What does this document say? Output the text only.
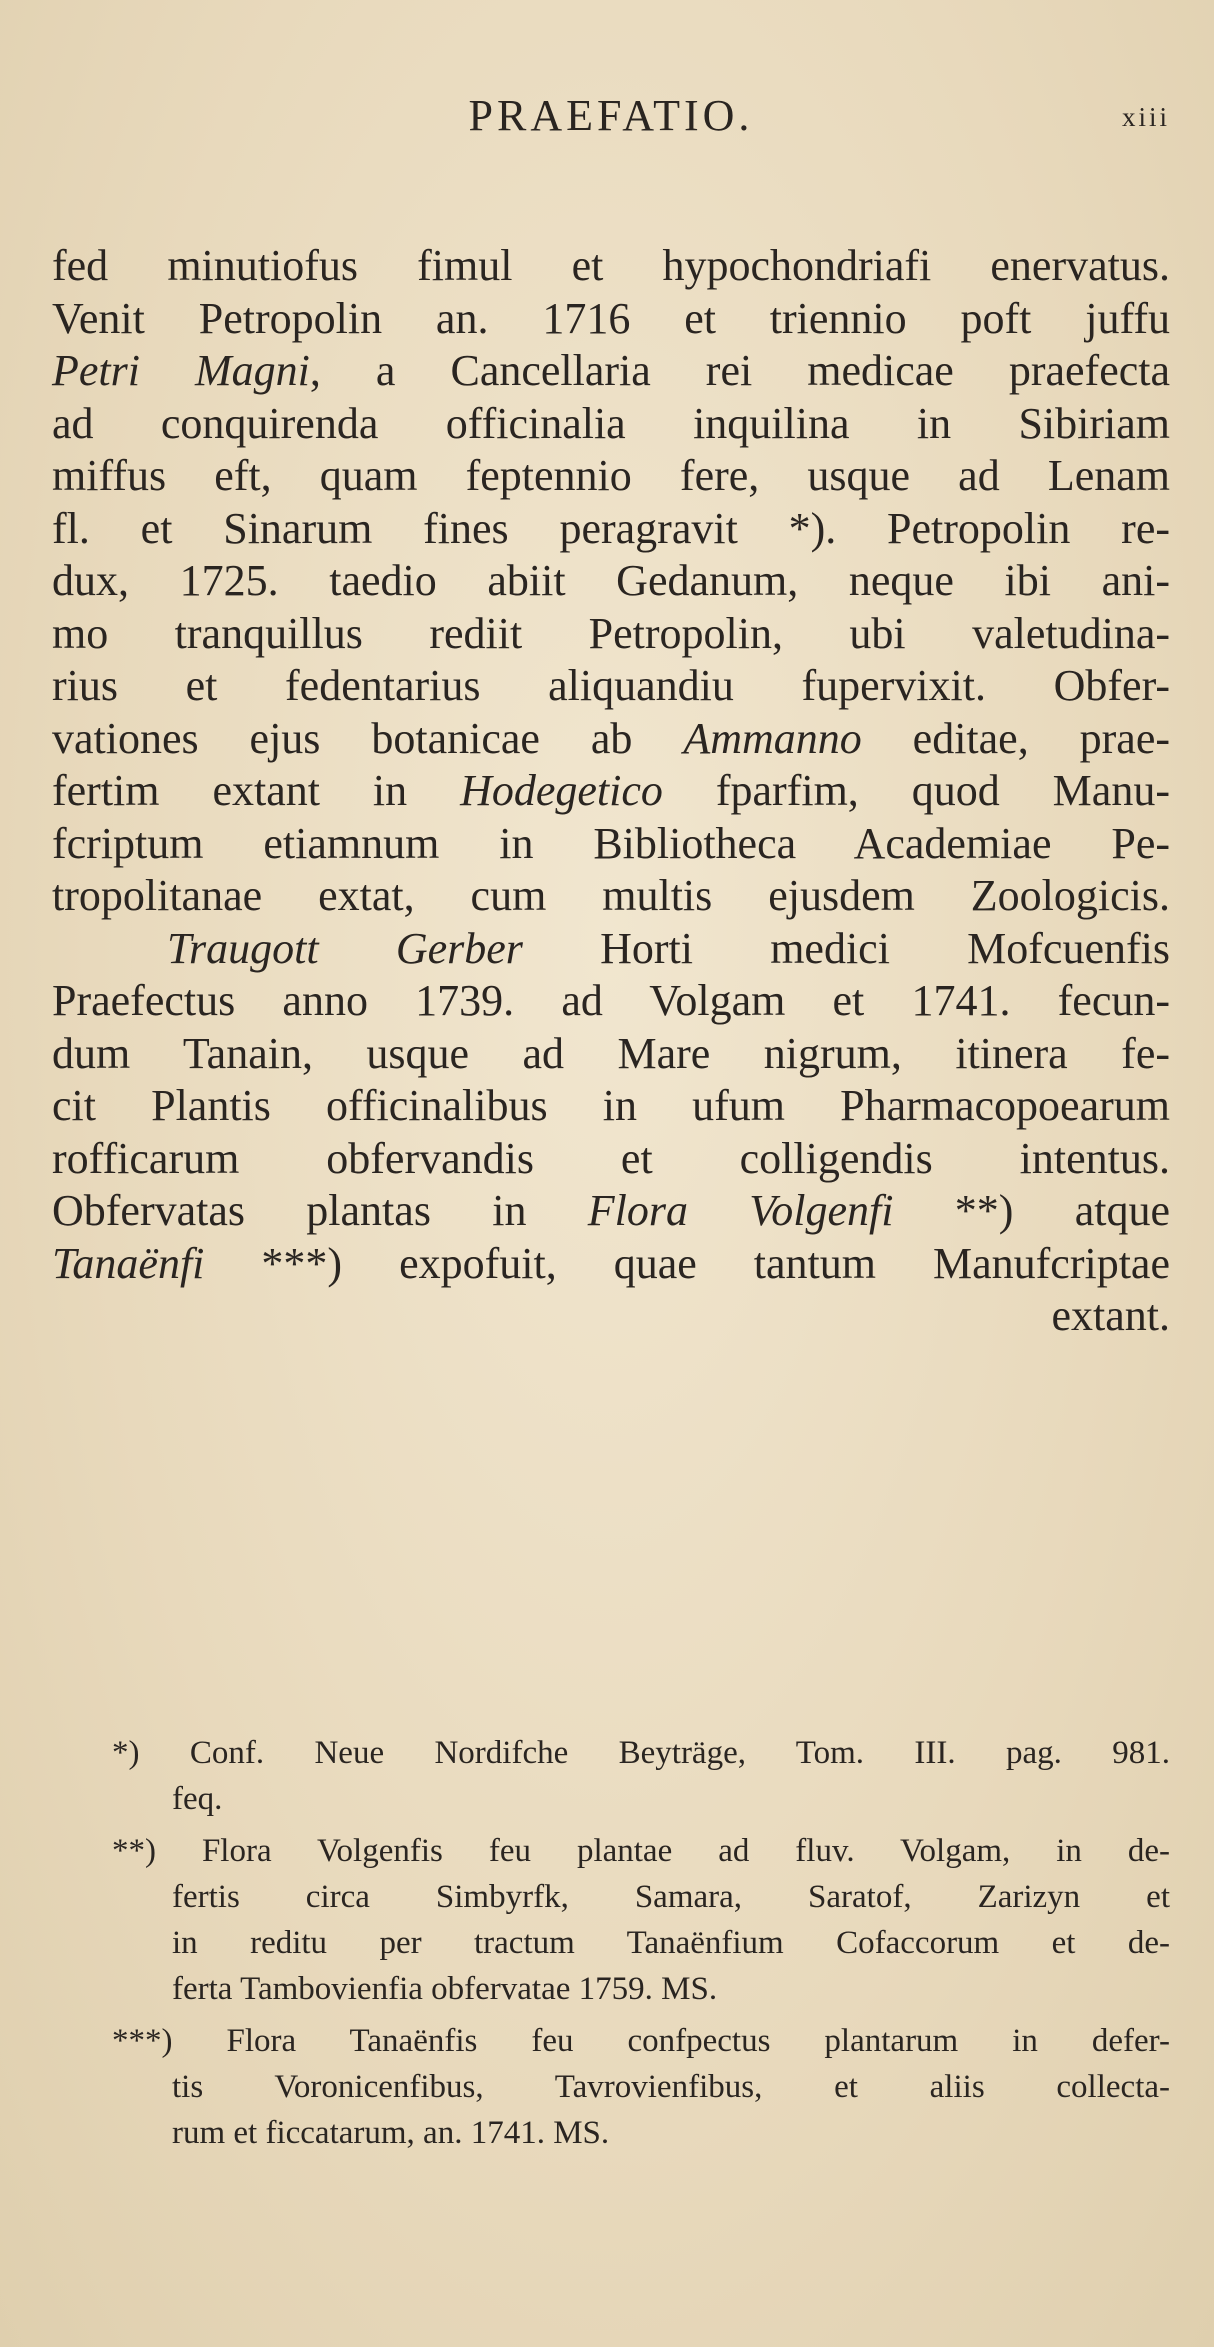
PRAEFATIO.	xiii
fed minutiofus fimul et hypochondriafi enervatus.
Venit Petropolin an. 1716 et triennio poft juffu
Petri Magni, a Cancellaria rei medicae praefecta
ad conquirenda officinalia inquilina in Sibiriam
miffus eft, quam feptennio fere, usque ad Lenam
fl. et Sinarum fines peragravit *). Petropolin re-
dux, 1725. taedio abiit Gedanum, neque ibi ani-
mo tranquillus rediit Petropolin, ubi valetudina-
rius et fedentarius aliquandiu fupervixit. Obfer-
vationes ejus botanicae ab Ammanno editae, prae-
fertim extant in Hodegetico fparfim, quod Manu-
fcriptum etiamnum in Bibliotheca Academiae Pe-
tropolitanae extat, cum multis ejusdem Zoologicis.
Traugott Gerber Horti medici Mofcuenfis
Praefectus anno 1739. ad Volgam et 1741. fecun-
dum Tanain, usque ad Mare nigrum, itinera fe-
cit Plantis officinalibus in ufum Pharmacopoearum
rofficarum obfervandis et colligendis intentus.
Obfervatas plantas in Flora Volgenfi **) atque
Tanaënfi ***) expofuit, quae tantum Manufcriptae
extant.
*) Conf. Neue Nordifche Beyträge, Tom. III. pag. 981.
feq.
**) Flora Volgenfis feu plantae ad fluv. Volgam, in de-
fertis circa Simbyrfk, Samara, Saratof, Zarizyn et
in reditu per tractum Tanaënfium Cofaccorum et de-
ferta Tambovienfia obfervatae 1759. MS.
***) Flora Tanaënfis feu confpectus plantarum in defer-
tis Voronicenfibus, Tavrovienfibus, et aliis collecta-
rum et ficcatarum, an. 1741. MS.
